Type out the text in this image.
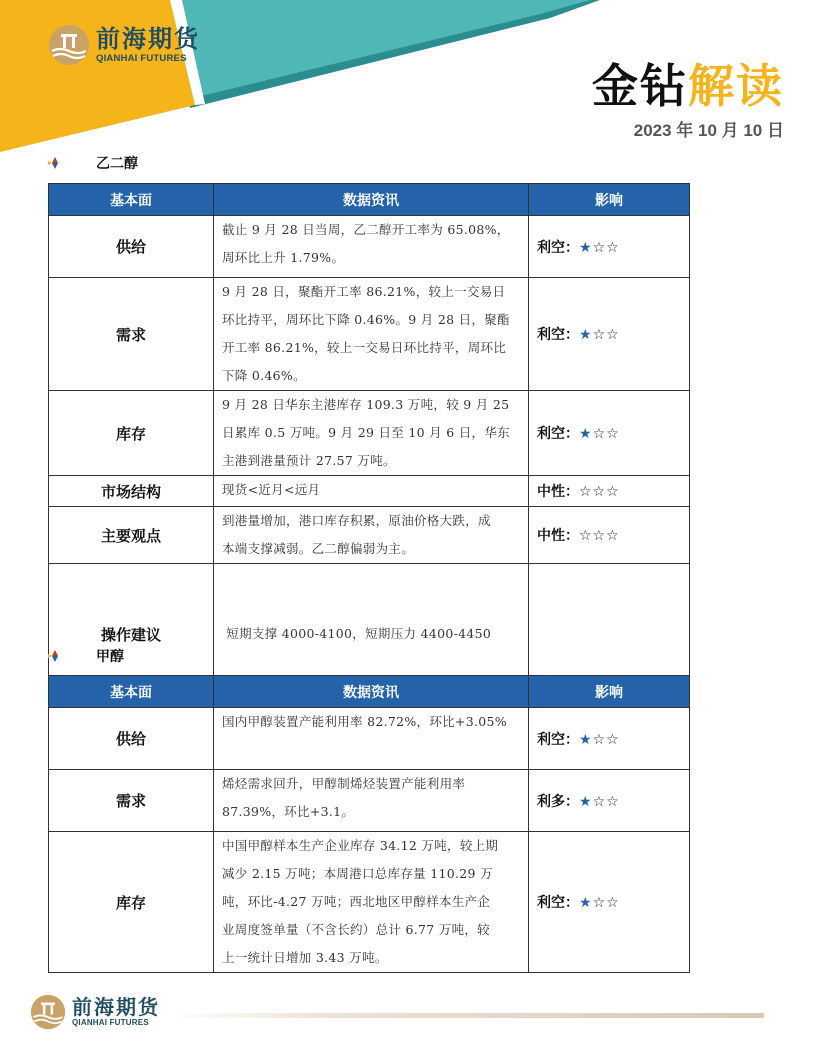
前海期货
QIANHAI FUTURES
金钻解读
2023 年 10 月 10 日
乙二醇
基本面	数据资讯	影响
供给	截止 9 月 28 日当周，乙二醇开工率为 65.08%，
周环比上升 1.79%。	利空：★☆☆
需求	9 月 28 日，聚酯开工率 86.21%，较上一交易日
环比持平，周环比下降 0.46%。9 月 28 日，聚酯
开工率 86.21%，较上一交易日环比持平，周环比
下降 0.46%。	利空：★☆☆
库存	9 月 28 日华东主港库存 109.3 万吨，较 9 月 25
日累库 0.5 万吨。9 月 29 日至 10 月 6 日，华东
主港到港量预计 27.57 万吨。	利空：★☆☆
市场结构	现货<近月<远月	中性：☆☆☆
主要观点	到港量增加，港口库存积累，原油价格大跌，成
本端支撑减弱。乙二醇偏弱为主。	中性：☆☆☆
操作建议	短期支撑 4000-4100，短期压力 4400-4450	

甲醇
基本面	数据资讯	影响
供给	国内甲醇装置产能利用率 82.72%，环比+3.05%	利空：★☆☆
需求	烯烃需求回升，甲醇制烯烃装置产能利用率
87.39%，环比+3.1。	利多：★☆☆
库存	中国甲醇样本生产企业库存 34.12 万吨，较上期
减少 2.15 万吨；本周港口总库存量 110.29 万
吨，环比-4.27 万吨；西北地区甲醇样本生产企
业周度签单量（不含长约）总计 6.77 万吨，较
上一统计日增加 3.43 万吨。	利空：★☆☆
前海期货
QIANHAI FUTURES
